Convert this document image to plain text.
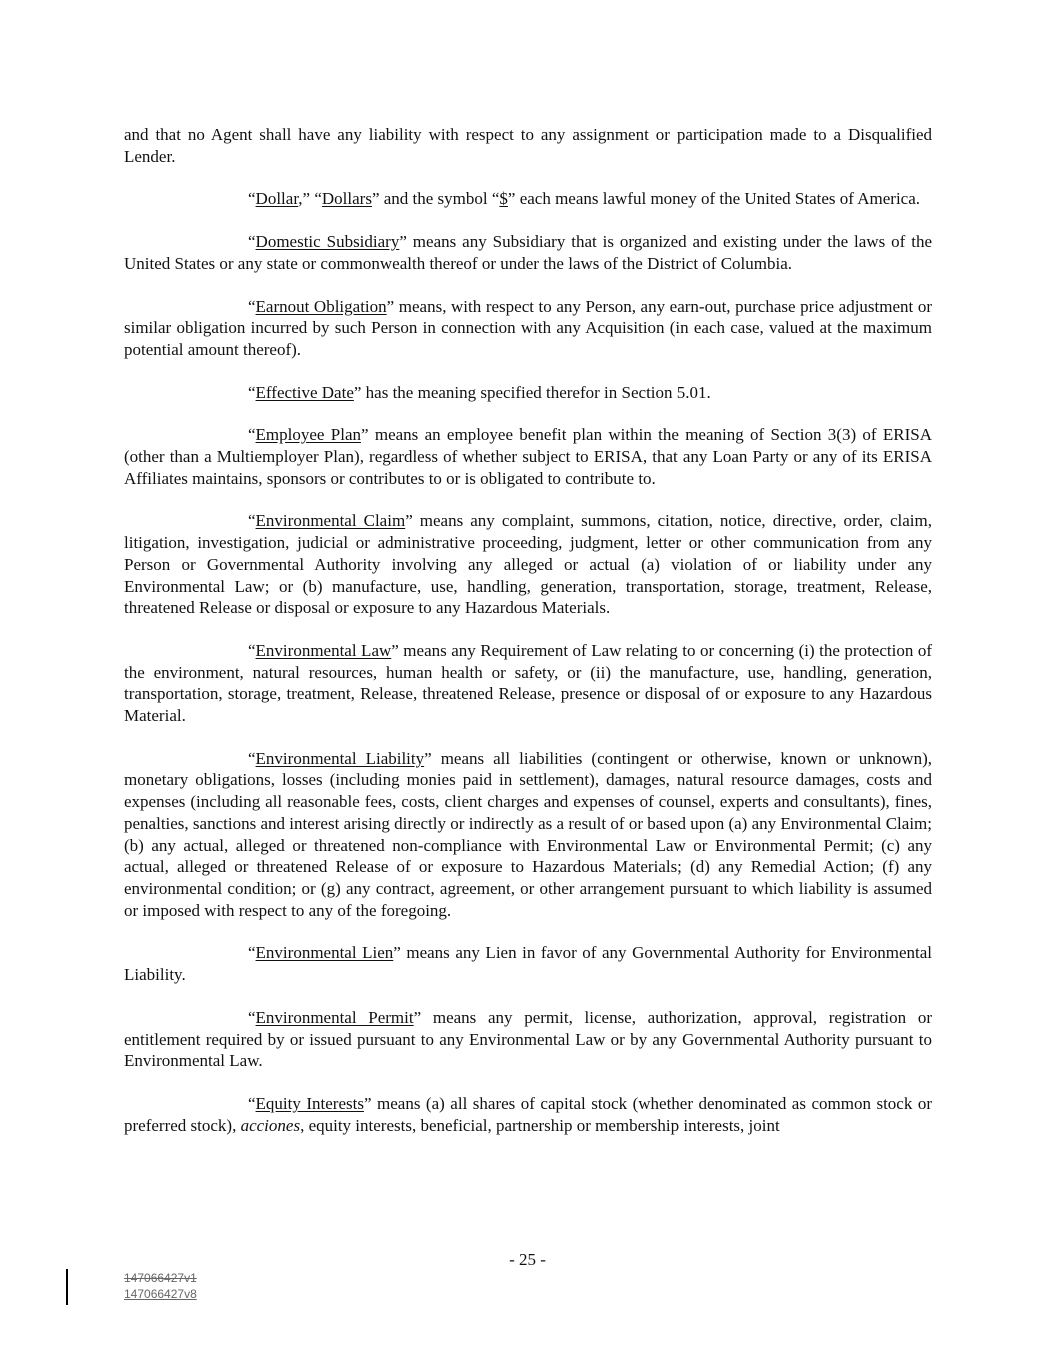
and that no Agent shall have any liability with respect to any assignment or participation made to a Disqualified Lender.

“Dollar,” “Dollars” and the symbol “$” each means lawful money of the United States of America.

“Domestic Subsidiary” means any Subsidiary that is organized and existing under the laws of the United States or any state or commonwealth thereof or under the laws of the District of Columbia.

“Earnout Obligation” means, with respect to any Person, any earn-out, purchase price adjustment or similar obligation incurred by such Person in connection with any Acquisition (in each case, valued at the maximum potential amount thereof).

“Effective Date” has the meaning specified therefor in Section 5.01.

“Employee Plan” means an employee benefit plan within the meaning of Section 3(3) of ERISA (other than a Multiemployer Plan), regardless of whether subject to ERISA, that any Loan Party or any of its ERISA Affiliates maintains, sponsors or contributes to or is obligated to contribute to.

“Environmental Claim” means any complaint, summons, citation, notice, directive, order, claim, litigation, investigation, judicial or administrative proceeding, judgment, letter or other communication from any Person or Governmental Authority involving any alleged or actual (a) violation of or liability under any Environmental Law; or (b) manufacture, use, handling, generation, transportation, storage, treatment, Release, threatened Release or disposal or exposure to any Hazardous Materials.

“Environmental Law” means any Requirement of Law relating to or concerning (i) the protection of the environment, natural resources, human health or safety, or (ii) the manufacture, use, handling, generation, transportation, storage, treatment, Release, threatened Release, presence or disposal of or exposure to any Hazardous Material.

“Environmental Liability” means all liabilities (contingent or otherwise, known or unknown), monetary obligations, losses (including monies paid in settlement), damages, natural resource damages, costs and expenses (including all reasonable fees, costs, client charges and expenses of counsel, experts and consultants), fines, penalties, sanctions and interest arising directly or indirectly as a result of or based upon (a) any Environmental Claim; (b) any actual, alleged or threatened non-compliance with Environmental Law or Environmental Permit; (c) any actual, alleged or threatened Release of or exposure to Hazardous Materials; (d) any Remedial Action; (f) any environmental condition; or (g) any contract, agreement, or other arrangement pursuant to which liability is assumed or imposed with respect to any of the foregoing.

“Environmental Lien” means any Lien in favor of any Governmental Authority for Environmental Liability.

“Environmental Permit” means any permit, license, authorization, approval, registration or entitlement required by or issued pursuant to any Environmental Law or by any Governmental Authority pursuant to Environmental Law.

“Equity Interests” means (a) all shares of capital stock (whether denominated as common stock or preferred stock), acciones, equity interests, beneficial, partnership or membership interests, joint

- 25 -
147066427v1
147066427v8
